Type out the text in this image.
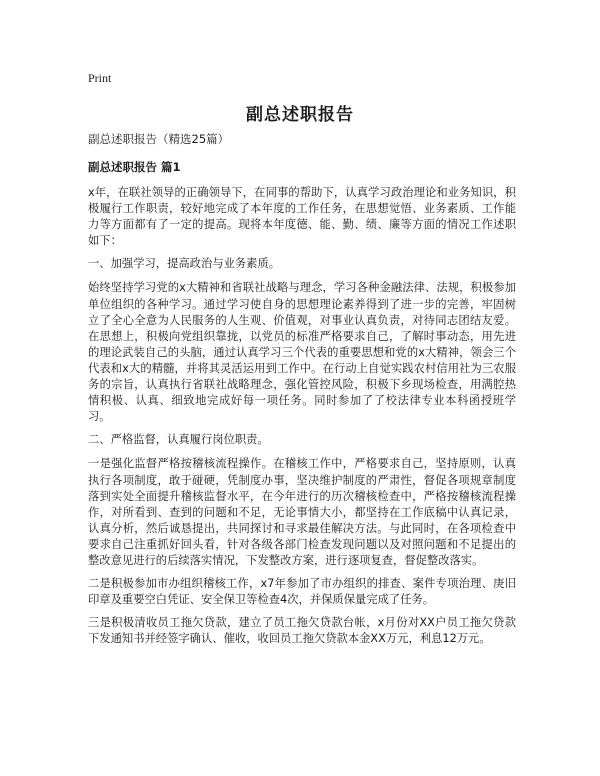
Print
副总述职报告

副总述职报告（精选25篇）

副总述职报告 篇1

x年，在联社领导的正确领导下，在同事的帮助下，认真学习政治理论和业务知识，积极履行工作职责，较好地完成了本年度的工作任务，在思想觉悟、业务素质、工作能力等方面都有了一定的提高。现将本年度德、能、勤、绩、廉等方面的情况工作述职如下：

一、加强学习，提高政治与业务素质。

始终坚持学习党的x大精神和省联社战略与理念，学习各种金融法律、法规，积极参加单位组织的各种学习。通过学习使自身的思想理论素养得到了进一步的完善，牢固树立了全心全意为人民服务的人生观、价值观，对事业认真负责，对待同志团结友爱。在思想上，积极向党组织靠拢，以党员的标准严格要求自己，了解时事动态，用先进的理论武装自己的头脑，通过认真学习三个代表的重要思想和党的x大精神，领会三个代表和x大的精髓，并将其灵活运用到工作中。在行动上自觉实践农村信用社为三农服务的宗旨，认真执行省联社战略理念，强化管控风险，积极下乡现场检查，用满腔热情积极、认真、细致地完成好每一项任务。同时参加了了校法律专业本科函授班学习。

二、严格监督，认真履行岗位职责。

一是强化监督严格按稽核流程操作。在稽核工作中，严格要求自己，坚持原则，认真执行各项制度，敢于碰硬，凭制度办事，坚决维护制度的严肃性，督促各项规章制度落到实处全面提升稽核监督水平，在今年进行的历次稽核检查中，严格按稽核流程操作，对所看到、查到的问题和不足，无论事情大小，都坚持在工作底稿中认真记录，认真分析，然后诚恳提出，共同探讨和寻求最佳解决方法。与此同时，在各项检查中要求自己注重抓好回头看，针对各级各部门检查发现问题以及对照问题和不足提出的整改意见进行的后续落实情况，下发整改方案，进行逐项复查，督促整改落实。

二是积极参加市办组织稽核工作，x7年参加了市办组织的排查、案件专项治理、庚旧印章及重要空白凭证、安全保卫等检查4次，并保质保量完成了任务。

三是积极清收员工拖欠贷款，建立了员工拖欠贷款台帐，x月份对XX户员工拖欠贷款下发通知书并经签字确认、催收，收回员工拖欠贷款本金XX万元，利息12万元。
